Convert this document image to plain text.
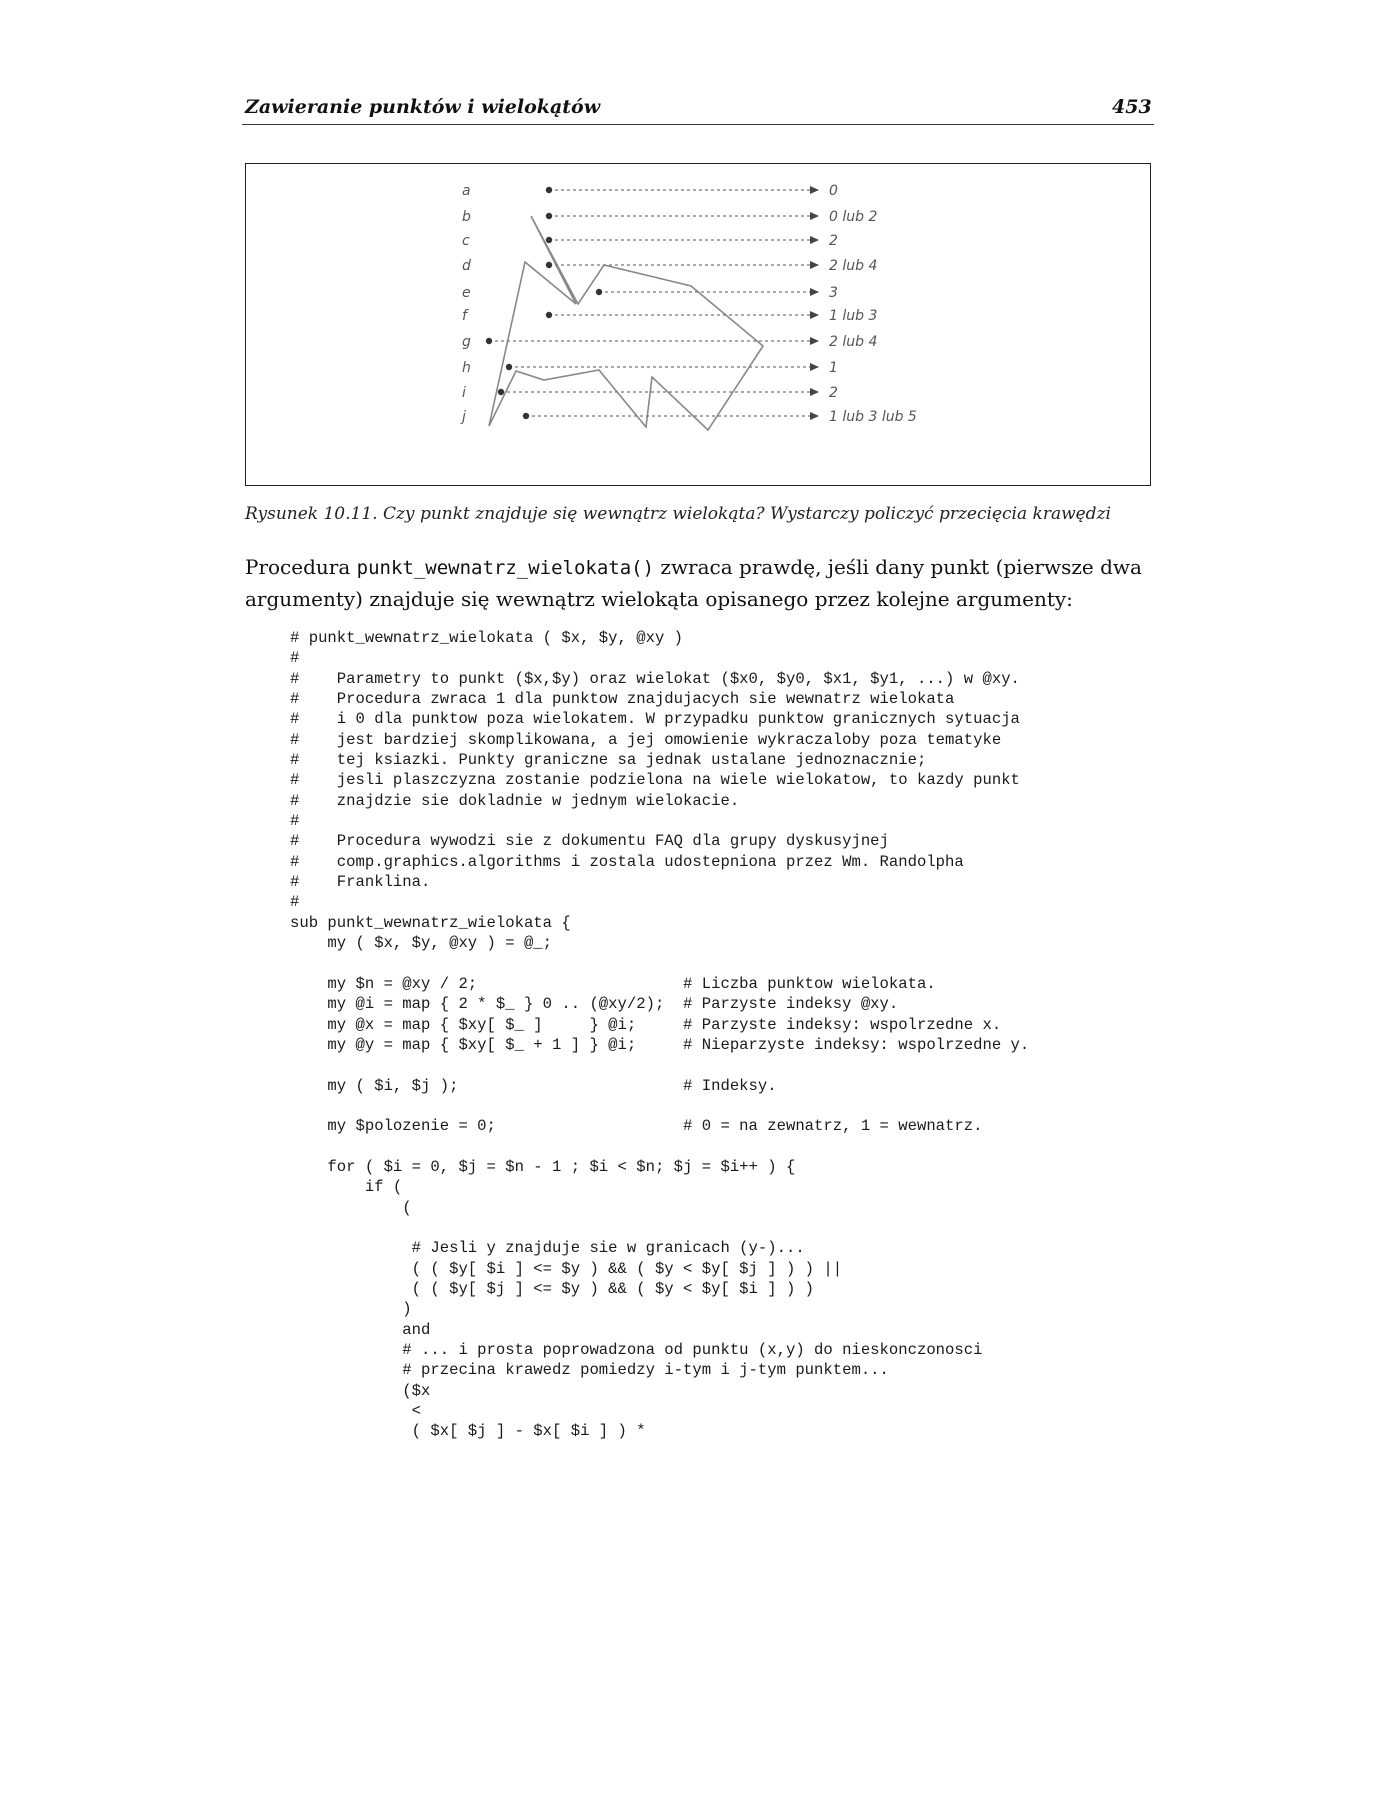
Zawieranie punktów i wielokątów	453
a	0
b	0 lub 2
c	2
d	2 lub 4
e	3
f	1 lub 3
g	2 lub 4
h	1
i	2
j	1 lub 3 lub 5
Rysunek 10.11. Czy punkt znajduje się wewnątrz wielokąta? Wystarczy policzyć przecięcia krawędzi
Procedura punkt_wewnatrz_wielokata() zwraca prawdę, jeśli dany punkt (pierwsze dwa argumenty) znajduje się wewnątrz wielokąta opisanego przez kolejne argumenty:
# punkt_wewnatrz_wielokata ( $x, $y, @xy )
#
#    Parametry to punkt ($x,$y) oraz wielokat ($x0, $y0, $x1, $y1, ...) w @xy.
#    Procedura zwraca 1 dla punktow znajdujacych sie wewnatrz wielokata
#    i 0 dla punktow poza wielokatem. W przypadku punktow granicznych sytuacja
#    jest bardziej skomplikowana, a jej omowienie wykraczaloby poza tematyke
#    tej ksiazki. Punkty graniczne sa jednak ustalane jednoznacznie;
#    jesli plaszczyzna zostanie podzielona na wiele wielokatow, to kazdy punkt
#    znajdzie sie dokladnie w jednym wielokacie.
#
#    Procedura wywodzi sie z dokumentu FAQ dla grupy dyskusyjnej
#    comp.graphics.algorithms i zostala udostepniona przez Wm. Randolpha
#    Franklina.
#
sub punkt_wewnatrz_wielokata {
my ( $x, $y, @xy ) = @_;

my $n = @xy / 2;                      # Liczba punktow wielokata.
my @i = map { 2 * $_ } 0 .. (@xy/2);  # Parzyste indeksy @xy.
my @x = map { $xy[ $_ ]     } @i;     # Parzyste indeksy: wspolrzedne x.
my @y = map { $xy[ $_ + 1 ] } @i;     # Nieparzyste indeksy: wspolrzedne y.

my ( $i, $j );                        # Indeksy.

my $polozenie = 0;                    # 0 = na zewnatrz, 1 = wewnatrz.

for ( $i = 0, $j = $n - 1 ; $i < $n; $j = $i++ ) {
if (
(

# Jesli y znajduje sie w granicach (y-)...
( ( $y[ $i ] <= $y ) && ( $y < $y[ $j ] ) ) ||
( ( $y[ $j ] <= $y ) && ( $y < $y[ $i ] ) )
)
and
# ... i prosta poprowadzona od punktu (x,y) do nieskonczonosci
# przecina krawedz pomiedzy i-tym i j-tym punktem...
($x
<
( $x[ $j ] - $x[ $i ] ) *
